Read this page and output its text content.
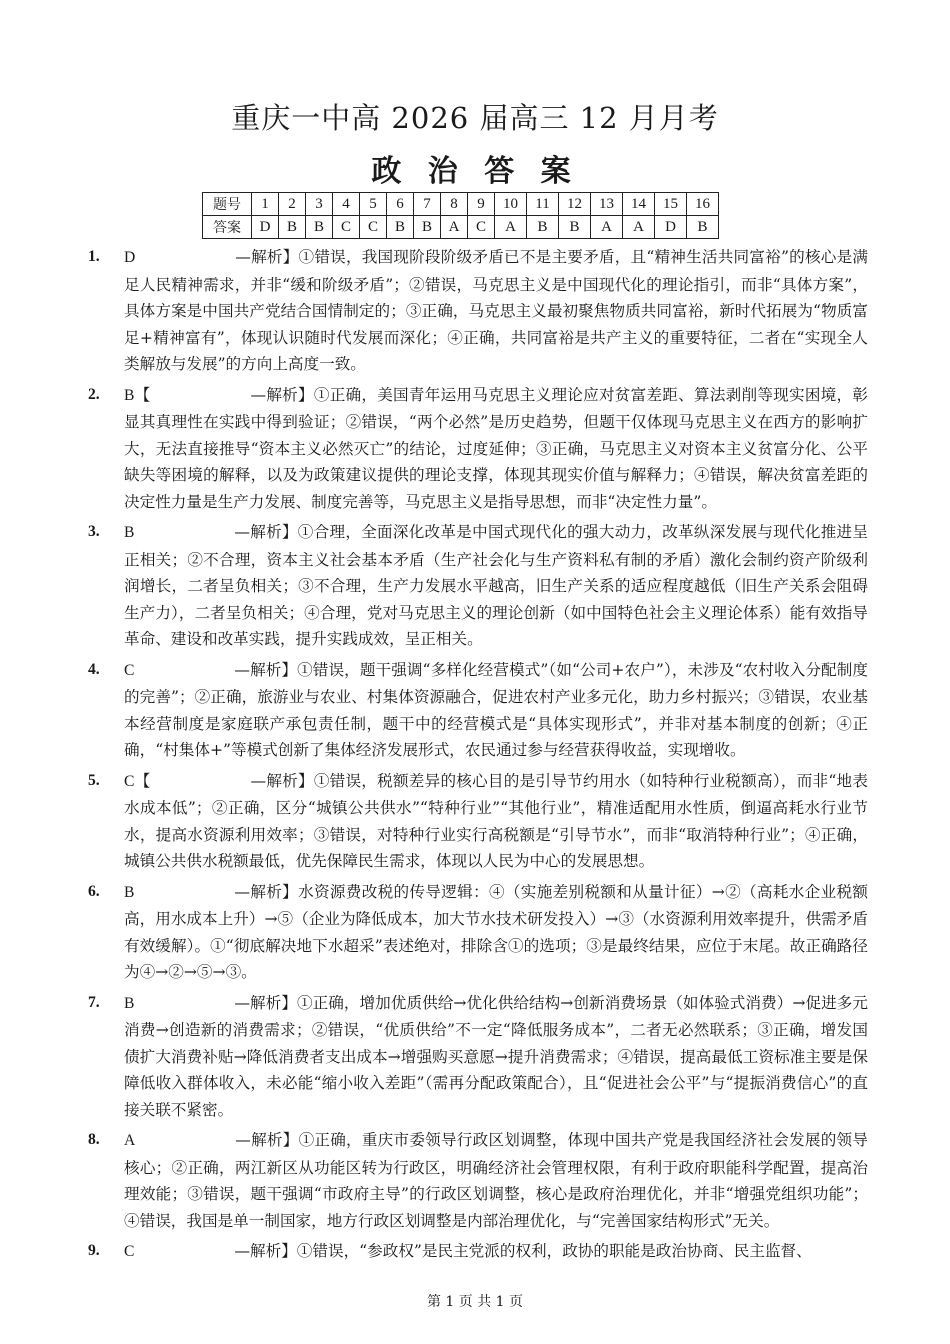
重庆一中高 2026 届高三 12 月月考
政 治 答 案
题号	1	2	3	4	5	6	7	8	9	10	11	12	13	14	15	16
答案	D	B	B	C	C	B	B	A	C	A	B	B	A	A	D	B
1. D	—解析】①错误，我国现阶段阶级矛盾已不是主要矛盾，且“精神生活共同富裕”的核心是满足人民精神需求，并非“缓和阶级矛盾”；②错误，马克思主义是中国现代化的理论指引，而非“具体方案”，具体方案是中国共产党结合国情制定的；③正确，马克思主义最初聚焦物质共同富裕，新时代拓展为“物质富足+精神富有”，体现认识随时代发展而深化；④正确，共同富裕是共产主义的重要特征，二者在“实现全人类解放与发展”的方向上高度一致。
2. B【	—解析】①正确，美国青年运用马克思主义理论应对贫富差距、算法剥削等现实困境，彰显其真理性在实践中得到验证；②错误，“两个必然”是历史趋势，但题干仅体现马克思主义在西方的影响扩大，无法直接推导“资本主义必然灭亡”的结论，过度延伸；③正确，马克思主义对资本主义贫富分化、公平缺失等困境的解释，以及为政策建议提供的理论支撑，体现其现实价值与解释力；④错误，解决贫富差距的决定性力量是生产力发展、制度完善等，马克思主义是指导思想，而非“决定性力量”。
3. B	—解析】①合理，全面深化改革是中国式现代化的强大动力，改革纵深发展与现代化推进呈正相关；②不合理，资本主义社会基本矛盾（生产社会化与生产资料私有制的矛盾）激化会制约资产阶级利润增长，二者呈负相关；③不合理，生产力发展水平越高，旧生产关系的适应程度越低（旧生产关系会阻碍生产力），二者呈负相关；④合理，党对马克思主义的理论创新（如中国特色社会主义理论体系）能有效指导革命、建设和改革实践，提升实践成效，呈正相关。
4. C	—解析】①错误，题干强调“多样化经营模式”（如“公司+农户”），未涉及“农村收入分配制度的完善”；②正确，旅游业与农业、村集体资源融合，促进农村产业多元化，助力乡村振兴；③错误，农业基本经营制度是家庭联产承包责任制，题干中的经营模式是“具体实现形式”，并非对基本制度的创新；④正确，“村集体+”等模式创新了集体经济发展形式，农民通过参与经营获得收益，实现增收。
5. C【	—解析】①错误，税额差异的核心目的是引导节约用水（如特种行业税额高），而非“地表水成本低”；②正确，区分“城镇公共供水”“特种行业”“其他行业”，精准适配用水性质，倒逼高耗水行业节水，提高水资源利用效率；③错误，对特种行业实行高税额是“引导节水”，而非“取消特种行业”；④正确，城镇公共供水税额最低，优先保障民生需求，体现以人民为中心的发展思想。
6. B	—解析】水资源费改税的传导逻辑：④（实施差别税额和从量计征）→②（高耗水企业税额高，用水成本上升）→⑤（企业为降低成本，加大节水技术研发投入）→③（水资源利用效率提升，供需矛盾有效缓解）。①“彻底解决地下水超采”表述绝对，排除含①的选项；③是最终结果，应位于末尾。故正确路径为④→②→⑤→③。
7. B	—解析】①正确，增加优质供给→优化供给结构→创新消费场景（如体验式消费）→促进多元消费→创造新的消费需求；②错误，“优质供给”不一定“降低服务成本”，二者无必然联系；③正确，增发国债扩大消费补贴→降低消费者支出成本→增强购买意愿→提升消费需求；④错误，提高最低工资标准主要是保障低收入群体收入，未必能“缩小收入差距”（需再分配政策配合），且“促进社会公平”与“提振消费信心”的直接关联不紧密。
8. A	—解析】①正确，重庆市委领导行政区划调整，体现中国共产党是我国经济社会发展的领导核心；②正确，两江新区从功能区转为行政区，明确经济社会管理权限，有利于政府职能科学配置，提高治理效能；③错误，题干强调“市政府主导”的行政区划调整，核心是政府治理优化，并非“增强党组织功能”；④错误，我国是单一制国家，地方行政区划调整是内部治理优化，与“完善国家结构形式”无关。
9. C	—解析】①错误，“参政权”是民主党派的权利，政协的职能是政治协商、民主监督、
第 1 页 共 1 页
